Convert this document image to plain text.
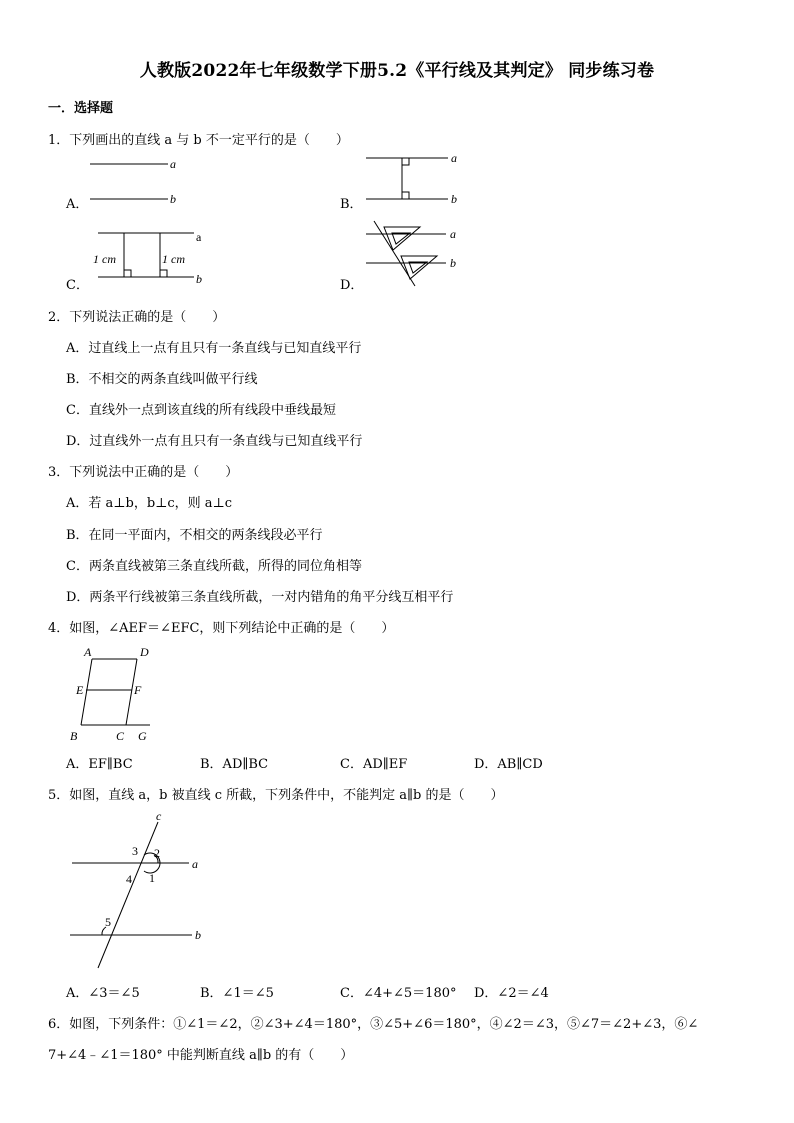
人教版2022年七年级数学下册5.2《平行线及其判定》 同步练习卷
一．选择题
1．下列画出的直线 a 与 b 不一定平行的是（　　）
A．
a
b	B．
a
b
C．
1 cm	1 cm
a
b	D．
a
b
2．下列说法正确的是（　　）
A．过直线上一点有且只有一条直线与已知直线平行
B．不相交的两条直线叫做平行线
C．直线外一点到该直线的所有线段中垂线最短
D．过直线外一点有且只有一条直线与已知直线平行
3．下列说法中正确的是（　　）
A．若 a⊥b，b⊥c，则 a⊥c
B．在同一平面内，不相交的两条线段必平行
C．两条直线被第三条直线所截，所得的同位角相等
D．两条平行线被第三条直线所截，一对内错角的角平分线互相平行
4．如图，∠AEF＝∠EFC，则下列结论中正确的是（　　）
A	D
E	F
B	C G
A．EF∥BC	B．AD∥BC	C．AD∥EF	D．AB∥CD
5．如图，直线 a，b 被直线 c 所截，下列条件中，不能判定 a∥b 的是（　　）
c
a
b
1
2
3
4
5
A．∠3＝∠5	B．∠1＝∠5	C．∠4+∠5＝180° D．∠2＝∠4
6．如图，下列条件：①∠1＝∠2，②∠3+∠4＝180°，③∠5+∠6＝180°，④∠2＝∠3，⑤∠7＝∠2+∠3，⑥∠
7+∠4﹣∠1＝180° 中能判断直线 a∥b 的有（　　）
